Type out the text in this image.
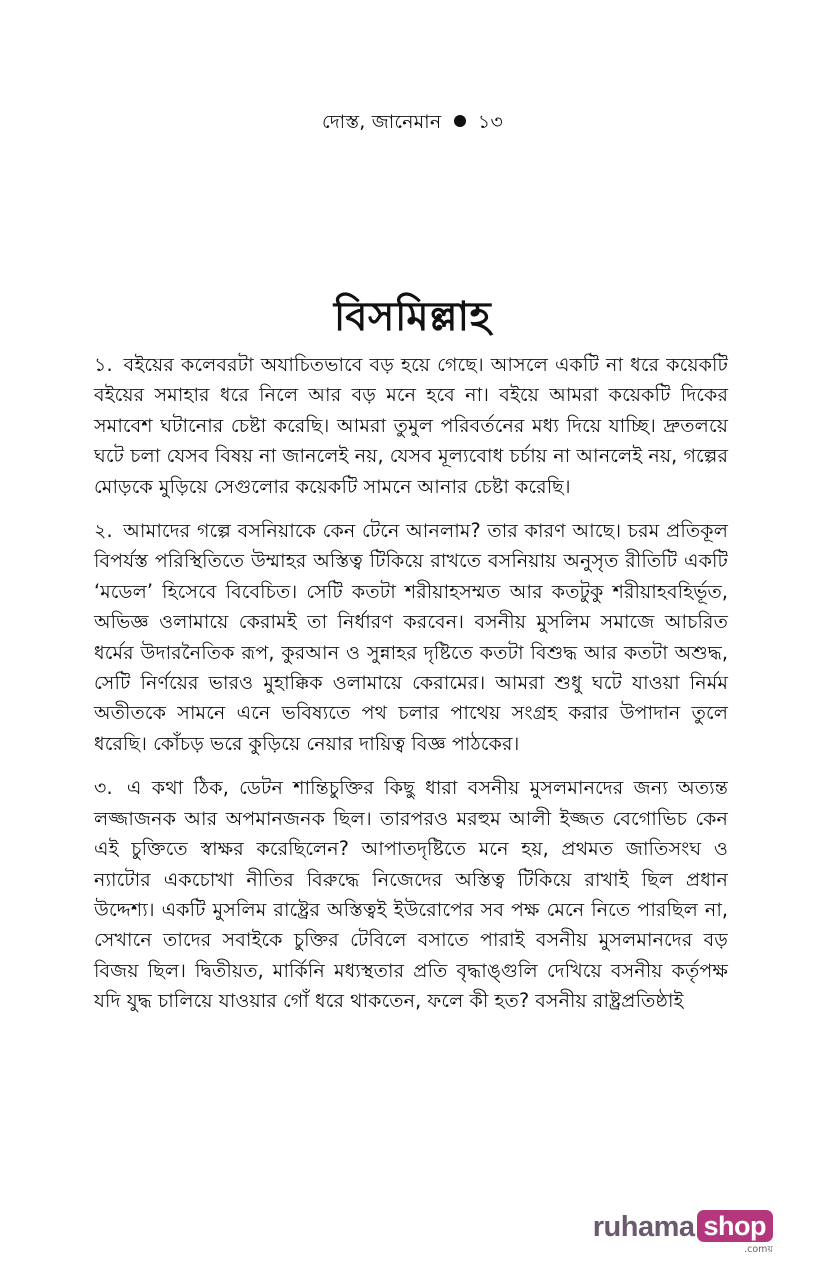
দোস্ত, জানেমান ১৩
বিসমিল্লাহ

১. বইয়ের কলেবরটা অযাচিতভাবে বড় হয়ে গেছে। আসলে একটি না ধরে কয়েকটি বইয়ের সমাহার ধরে নিলে আর বড় মনে হবে না। বইয়ে আমরা কয়েকটি দিকের সমাবেশ ঘটানোর চেষ্টা করেছি। আমরা তুমুল পরিবর্তনের মধ্য দিয়ে যাচ্ছি। দ্রুতলয়ে ঘটে চলা যেসব বিষয় না জানলেই নয়, যেসব মূল্যবোধ চর্চায় না আনলেই নয়, গল্পের মোড়কে মুড়িয়ে সেগুলোর কয়েকটি সামনে আনার চেষ্টা করেছি।

২. আমাদের গল্পে বসনিয়াকে কেন টেনে আনলাম? তার কারণ আছে। চরম প্রতিকূল বিপর্যস্ত পরিস্থিতিতে উম্মাহর অস্তিত্ব টিকিয়ে রাখতে বসনিয়ায় অনুসৃত রীতিটি একটি ‘মডেল’ হিসেবে বিবেচিত। সেটি কতটা শরীয়াহসম্মত আর কতটুকু শরীয়াহবহির্ভূত, অভিজ্ঞ ওলামায়ে কেরামই তা নির্ধারণ করবেন। বসনীয় মুসলিম সমাজে আচরিত ধর্মের উদারনৈতিক রূপ, কুরআন ও সুন্নাহর দৃষ্টিতে কতটা বিশুদ্ধ আর কতটা অশুদ্ধ, সেটি নির্ণয়ের ভারও মুহাক্কিক ওলামায়ে কেরামের। আমরা শুধু ঘটে যাওয়া নির্মম অতীতকে সামনে এনে ভবিষ্যতে পথ চলার পাথেয় সংগ্রহ করার উপাদান তুলে ধরেছি। কোঁচড় ভরে কুড়িয়ে নেয়ার দায়িত্ব বিজ্ঞ পাঠকের।

৩. এ কথা ঠিক, ডেটন শান্তিচুক্তির কিছু ধারা বসনীয় মুসলমানদের জন্য অত্যন্ত লজ্জাজনক আর অপমানজনক ছিল। তারপরও মরহুম আলী ইজ্জত বেগোভিচ কেন এই চুক্তিতে স্বাক্ষর করেছিলেন? আপাতদৃষ্টিতে মনে হয়, প্রথমত জাতিসংঘ ও ন্যাটোর একচোখা নীতির বিরুদ্ধে নিজেদের অস্তিত্ব টিকিয়ে রাখাই ছিল প্রধান উদ্দেশ্য। একটি মুসলিম রাষ্ট্রের অস্তিত্বই ইউরোপের সব পক্ষ মেনে নিতে পারছিল না, সেখানে তাদের সবাইকে চুক্তির টেবিলে বসাতে পারাই বসনীয় মুসলমানদের বড় বিজয় ছিল। দ্বিতীয়ত, মার্কিনি মধ্যস্থতার প্রতি বৃদ্ধাঙ্গুলি দেখিয়ে বসনীয় কর্তৃপক্ষ যদি যুদ্ধ চালিয়ে যাওয়ার গোঁ ধরে থাকতেন, ফলে কী হত? বসনীয় রাষ্ট্রপ্রতিষ্ঠাই

ruhama shop
.comয়
